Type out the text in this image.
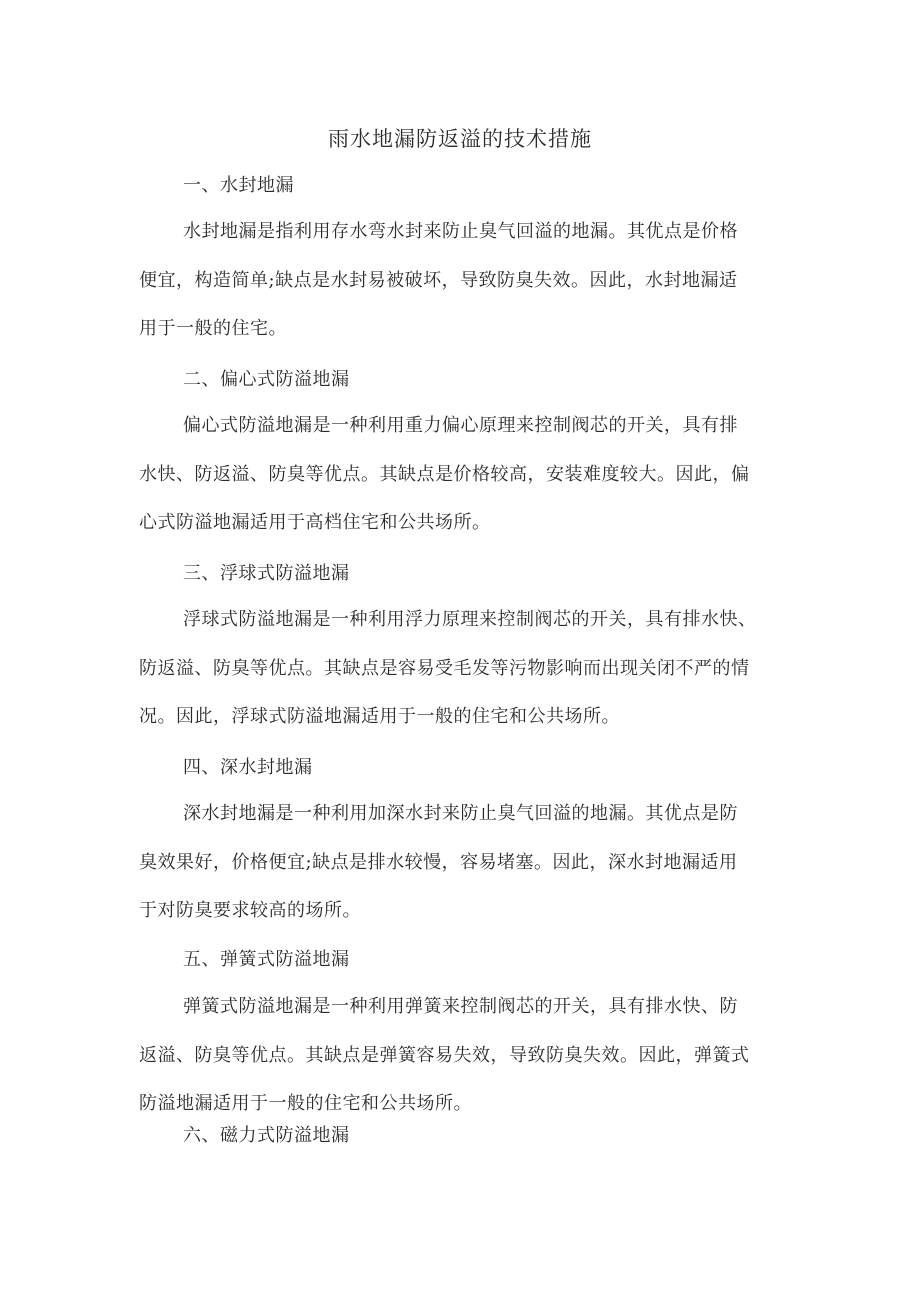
雨水地漏防返溢的技术措施
一、水封地漏
水封地漏是指利用存水弯水封来防止臭气回溢的地漏。其优点是价格
便宜，构造简单;缺点是水封易被破坏，导致防臭失效。因此，水封地漏适
用于一般的住宅。
二、偏心式防溢地漏
偏心式防溢地漏是一种利用重力偏心原理来控制阀芯的开关，具有排
水快、防返溢、防臭等优点。其缺点是价格较高，安装难度较大。因此，偏
心式防溢地漏适用于高档住宅和公共场所。
三、浮球式防溢地漏
浮球式防溢地漏是一种利用浮力原理来控制阀芯的开关，具有排水快、
防返溢、防臭等优点。其缺点是容易受毛发等污物影响而出现关闭不严的情
况。因此，浮球式防溢地漏适用于一般的住宅和公共场所。
四、深水封地漏
深水封地漏是一种利用加深水封来防止臭气回溢的地漏。其优点是防
臭效果好，价格便宜;缺点是排水较慢，容易堵塞。因此，深水封地漏适用
于对防臭要求较高的场所。
五、弹簧式防溢地漏
弹簧式防溢地漏是一种利用弹簧来控制阀芯的开关，具有排水快、防
返溢、防臭等优点。其缺点是弹簧容易失效，导致防臭失效。因此，弹簧式
防溢地漏适用于一般的住宅和公共场所。
六、磁力式防溢地漏
